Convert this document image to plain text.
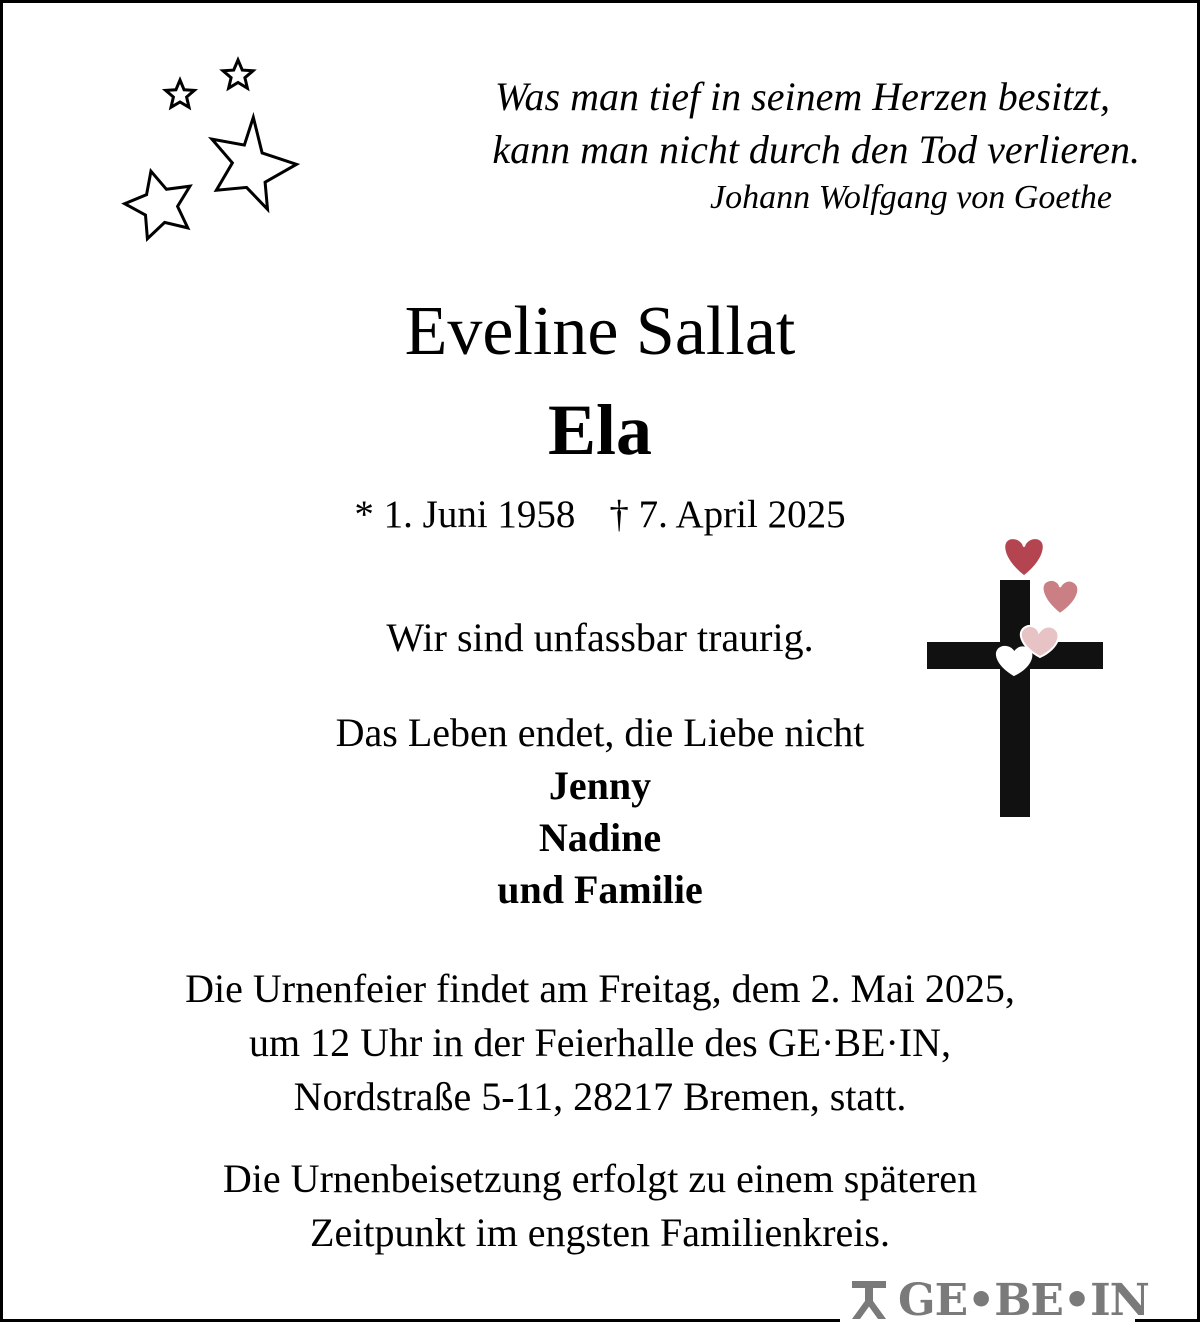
Was man tief in seinem Herzen besitzt,
kann man nicht durch den Tod verlieren.
Johann Wolfgang von Goethe
Eveline Sallat
Ela
* 1. Juni 1958 † 7. April 2025
Wir sind unfassbar traurig.
Das Leben endet, die Liebe nicht
Jenny
Nadine
und Familie
Die Urnenfeier findet am Freitag, dem 2. Mai 2025,
um 12 Uhr in der Feierhalle des GE·BE·IN,
Nordstraße 5-11, 28217 Bremen, statt.
Die Urnenbeisetzung erfolgt zu einem späteren
Zeitpunkt im engsten Familienkreis.
GE•BE•IN
